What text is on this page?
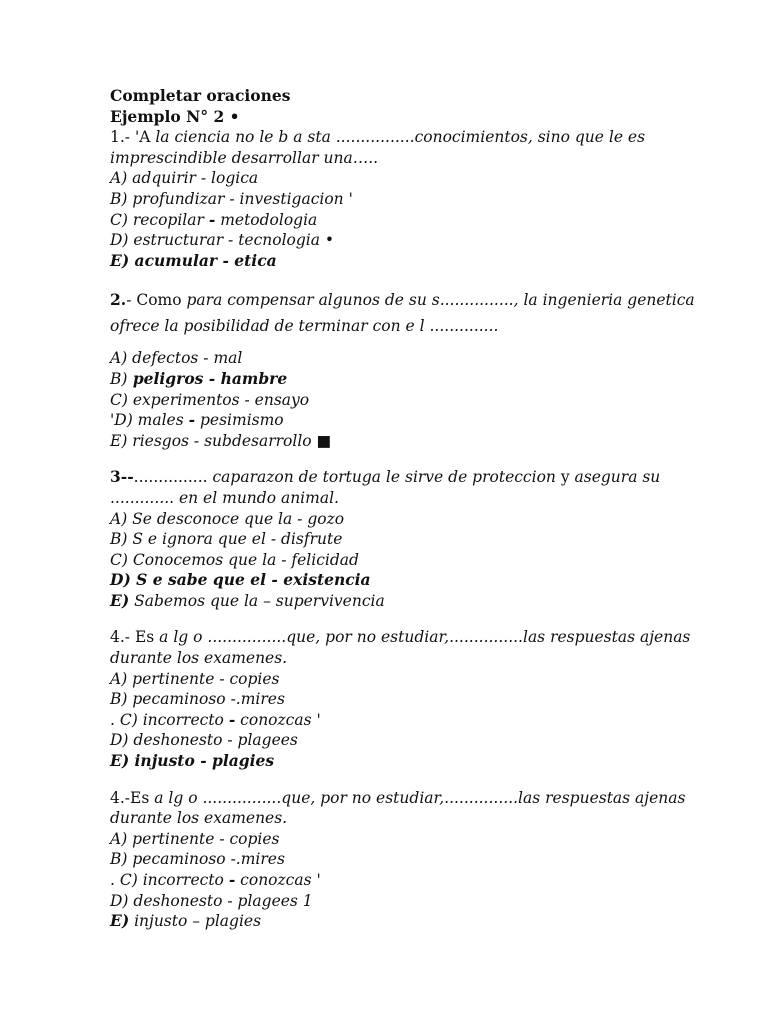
Completar oraciones
Ejemplo N° 2 •
1.- 'A la ciencia no le b a sta ................conocimientos, sino que le es
imprescindible desarrollar una…..
A) adquirir - logica
B) profundizar - investigacion '
C) recopilar - metodologia
D) estructurar - tecnologia •
E) acumular - etica
2.- Como para compensar algunos de su s..............., la ingenieria genetica
ofrece la posibilidad de terminar con e l ..............
A) defectos - mal
B) peligros - hambre
C) experimentos - ensayo
'D) males - pesimismo
E) riesgos - subdesarrollo ■
3--............... caparazon de tortuga le sirve de proteccion y asegura su
............. en el mundo animal.
A) Se desconoce que la - gozo
B) S e ignora que el - disfrute
C) Conocemos que la - felicidad
D) S e sabe que el - existencia
E) Sabemos que la – supervivencia
4.- Es a lg o ................que, por no estudiar,...............las respuestas ajenas
durante los examenes.
A) pertinente - copies
B) pecaminoso -.mires
. C) incorrecto - conozcas '
D) deshonesto - plagees
E) injusto - plagies
4.-Es a lg o ................que, por no estudiar,...............las respuestas ajenas
durante los examenes.
A) pertinente - copies
B) pecaminoso -.mires
. C) incorrecto - conozcas '
D) deshonesto - plagees 1
E) injusto – plagies
